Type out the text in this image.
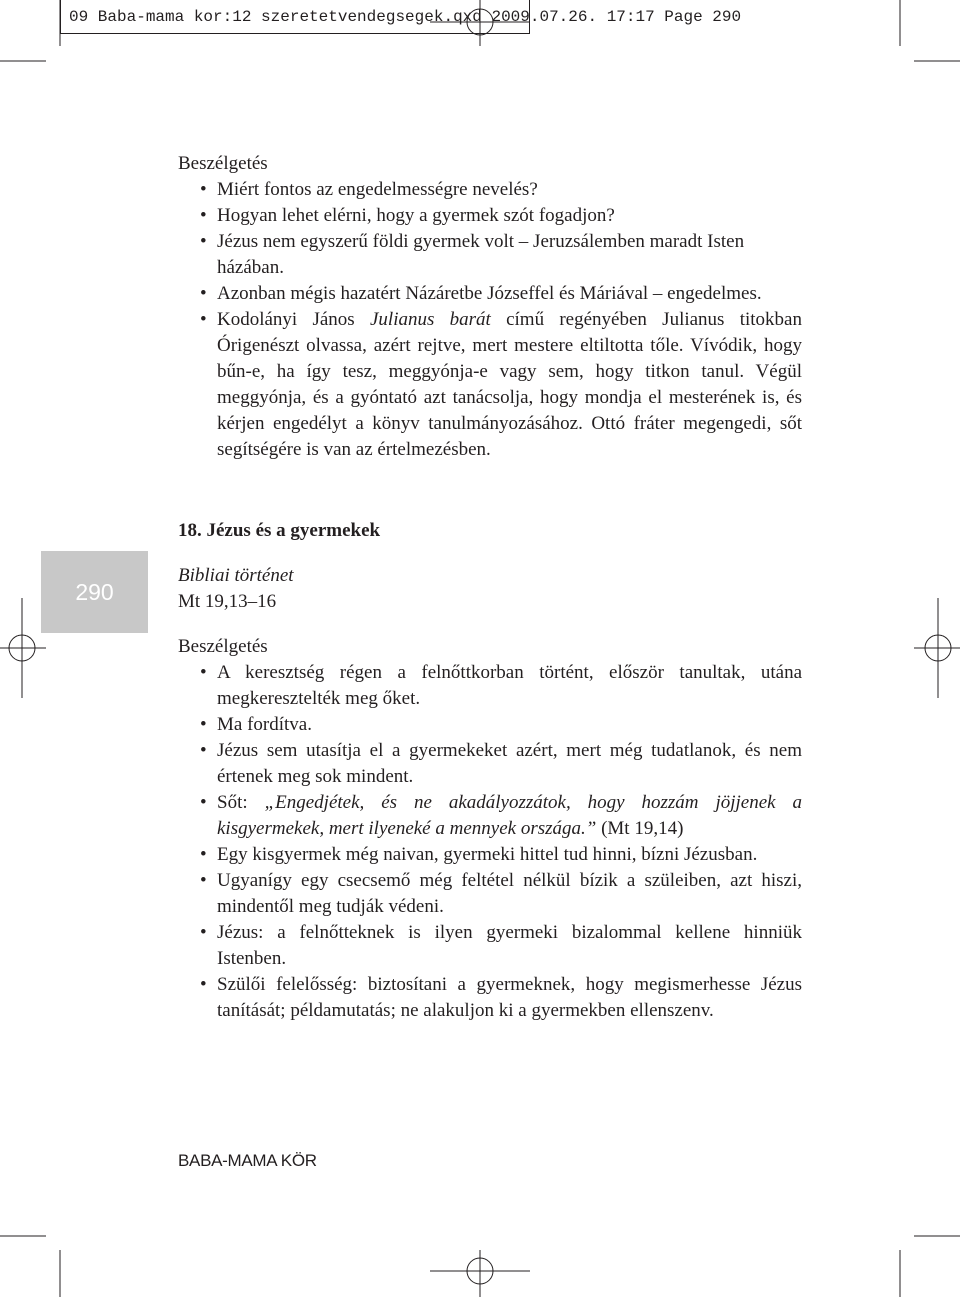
09 Baba-mama kor:12 szeretetvendegsegek.qxd 2009.07.26. 17:17 Page 290
Beszélgetés
• Miért fontos az engedelmességre nevelés?
• Hogyan lehet elérni, hogy a gyermek szót fogadjon?
• Jézus nem egyszerű földi gyermek volt – Jeruzsálemben maradt Isten házában.
• Azonban mégis hazatért Názáretbe Józseffel és Máriával – engedelmes.
• Kodolányi János Julianus barát című regényében Julianus titokban Órigenészt olvassa, azért rejtve, mert mestere eltiltotta tőle. Vívódik, hogy bűn-e, ha így tesz, meggyónja-e vagy sem, hogy titkon tanul. Végül meggyónja, és a gyóntató azt tanácsolja, hogy mondja el mesterének is, és kérjen engedélyt a könyv tanulmányozásához. Ottó fráter megengedi, sőt segítségére is van az értelmezésben.
18. Jézus és a gyermekek
Bibliai történet
Mt 19,13–16
Beszélgetés
• A keresztség régen a felnőttkorban történt, először tanultak, utána megkeresztelték meg őket.
• Ma fordítva.
• Jézus sem utasítja el a gyermekeket azért, mert még tudatlanok, és nem értenek meg sok mindent.
• Sőt: „Engedjétek, és ne akadályozzátok, hogy hozzám jöjjenek a kisgyermekek, mert ilyeneké a mennyek országa.” (Mt 19,14)
• Egy kisgyermek még naivan, gyermeki hittel tud hinni, bízni Jézusban.
• Ugyanígy egy csecsemő még feltétel nélkül bízik a szüleiben, azt hiszi, mindentől meg tudják védeni.
• Jézus: a felnőtteknek is ilyen gyermeki bizalommal kellene hinniük Istenben.
• Szülői felelősség: biztosítani a gyermeknek, hogy megismerhesse Jézus tanítását; példamutatás; ne alakuljon ki a gyermekben ellenszenv.
290
BABA-MAMA KÖR
